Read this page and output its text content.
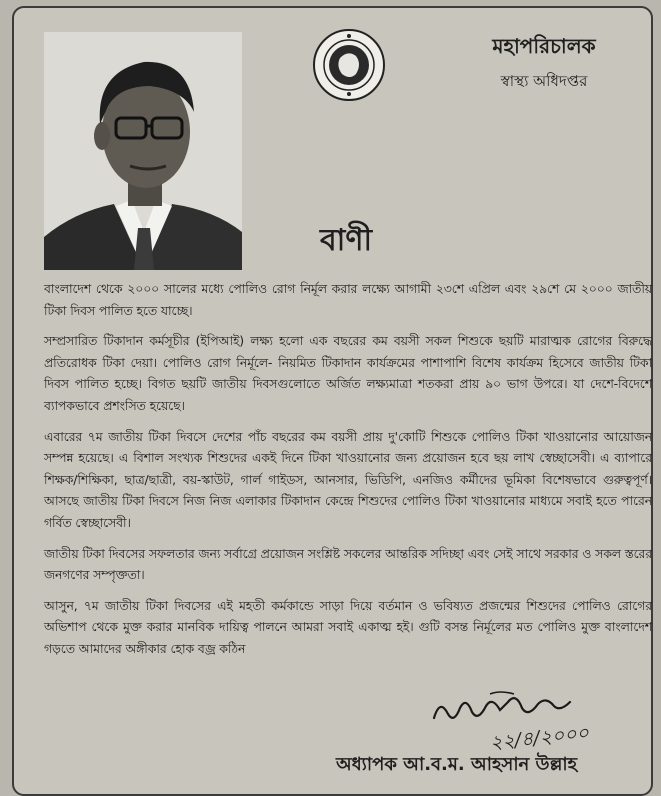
মহাপরিচালক
স্বাস্থ্য অধিদপ্তর
বাণী

বাংলাদেশ থেকে ২০০০ সালের মধ্যে পোলিও রোগ নির্মূল করার লক্ষ্যে আগামী ২৩শে এপ্রিল এবং ২৯শে মে ২০০০ জাতীয় টিকা দিবস পালিত হতে যাচ্ছে।

সম্প্রসারিত টিকাদান কর্মসূচীর (ইপিআই) লক্ষ্য হলো এক বছরের কম বয়সী সকল শিশুকে ছয়টি মারাত্মক রোগের বিরুদ্ধে প্রতিরোধক টিকা দেয়া। পোলিও রোগ নির্মূলে- নিয়মিত টিকাদান কার্যক্রমের পাশাপাশি বিশেষ কার্যক্রম হিসেবে জাতীয় টিকা দিবস পালিত হচ্ছে। বিগত ছয়টি জাতীয় দিবসগুলোতে অর্জিত লক্ষ্যমাত্রা শতকরা প্রায় ৯০ ভাগ উপরে। যা দেশে-বিদেশে ব্যাপকভাবে প্রশংসিত হয়েছে।

এবারের ৭ম জাতীয় টিকা দিবসে দেশের পাঁচ বছরের কম বয়সী প্রায় দু'কোটি শিশুকে পোলিও টিকা খাওয়ানোর আয়োজন সম্পন্ন হয়েছে। এ বিশাল সংখ্যক শিশুদের একই দিনে টিকা খাওয়ানোর জন্য প্রয়োজন হবে ছয় লাখ স্বেচ্ছাসেবী। এ ব্যাপারে শিক্ষক/শিক্ষিকা, ছাত্র/ছাত্রী, বয়-স্কাউট, গার্ল গাইডস, আনসার, ভিডিপি, এনজিও কর্মীদের ভূমিকা বিশেষভাবে গুরুত্বপূর্ণ। আসছে জাতীয় টিকা দিবসে নিজ নিজ এলাকার টিকাদান কেন্দ্রে শিশুদের পোলিও টিকা খাওয়ানোর মাধ্যমে সবাই হতে পারেন গর্বিত স্বেচ্ছাসেবী।

জাতীয় টিকা দিবসের সফলতার জন্য সর্বাগ্রে প্রয়োজন সংশ্লিষ্ট সকলের আন্তরিক সদিচ্ছা এবং সেই সাথে সরকার ও সকল স্তরের জনগণের সম্পৃক্ততা।

আসুন, ৭ম জাতীয় টিকা দিবসের এই মহতী কর্মকান্ডে সাড়া দিয়ে বর্তমান ও ভবিষ্যত প্রজন্মের শিশুদের পোলিও রোগের অভিশাপ থেকে মুক্ত করার মানবিক দায়িত্ব পালনে আমরা সবাই একাত্ম হই। গুটি বসন্ত নির্মূলের মত পোলিও মুক্ত বাংলাদেশ গড়তে আমাদের অঙ্গীকার হোক বজ্র কঠিন

২২/৪/২০০০
অধ্যাপক আ.ব.ম. আহসান উল্লাহ
